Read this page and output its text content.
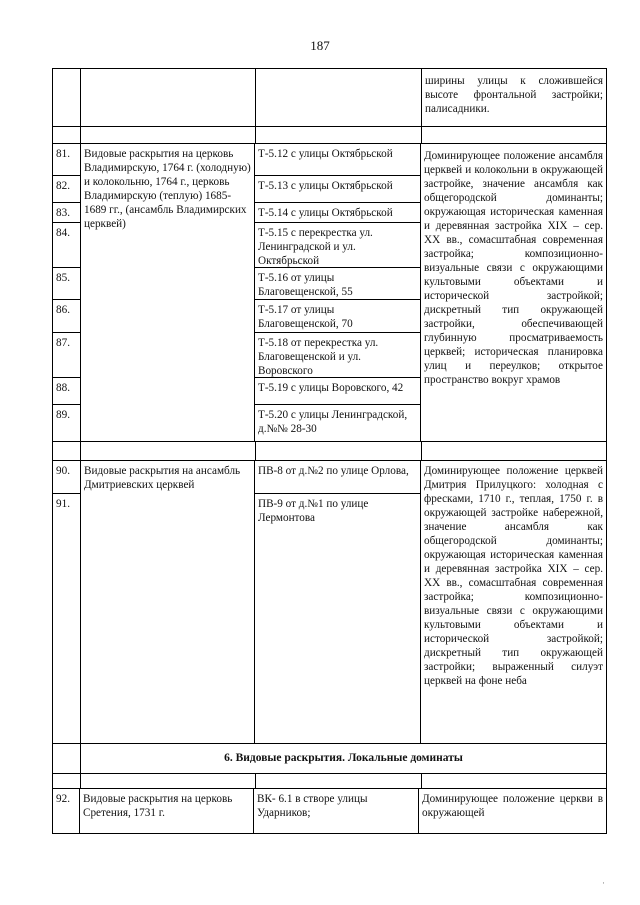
187
ширины улицы к сложившейся высоте фронтальной застройки; палисадники.
81.
82.
83.
84.
85.
86.
87.
88.
89.
Видовые раскрытия на церковь Владимирскую, 1764 г. (холодную) и колокольню, 1764 г., церковь Владимирскую (теплую) 1685-1689 гг., (ансамбль Владимирских церквей)
Т-5.12 с улицы Октябрьской
Т-5.13 с улицы Октябрьской
Т-5.14 с улицы Октябрьской
Т-5.15 с перекрестка ул. Ленинградской и ул. Октябрьской
Т-5.16 от улицы Благовещенской, 55
Т-5.17 от улицы Благовещенской, 70
Т-5.18 от перекрестка ул. Благовещенской и ул. Воровского
Т-5.19 с улицы Воровского, 42
Т-5.20 с улицы Ленинградской, д.№№ 28-30
Доминирующее положение ансамбля церквей и колокольни в окружающей застройке, значение ансамбля как общегородской доминанты; окружающая историческая каменная и деревянная застройка XIX – сер. XX вв., сомасштабная современная застройка; композиционно-визуальные связи с окружающими культовыми объектами и исторической застройкой; дискретный тип окружающей застройки, обеспечивающей глубинную просматриваемость церквей; историческая планировка улиц и переулков; открытое пространство вокруг храмов
90.
91.
Видовые раскрытия на ансамбль Дмитриевских церквей
ПВ-8 от д.№2 по улице Орлова,
ПВ-9 от д.№1 по улице Лермонтова
Доминирующее положение церквей Дмитрия Прилуцкого: холодная с фресками, 1710 г., теплая, 1750 г. в окружающей застройке набережной, значение ансамбля как общегородской доминанты; окружающая историческая каменная и деревянная застройка XIX – сер. XX вв., сомасштабная современная застройка; композиционно-визуальные связи с окружающими культовыми объектами и исторической застройкой; дискретный тип окружающей застройки; выраженный силуэт церквей на фоне неба
6. Видовые раскрытия. Локальные доминаты
92.	Видовые раскрытия на церковь Сретения, 1731 г.
ВК- 6.1 в створе улицы Ударников;
Доминирующее положение церкви в окружающей
·
